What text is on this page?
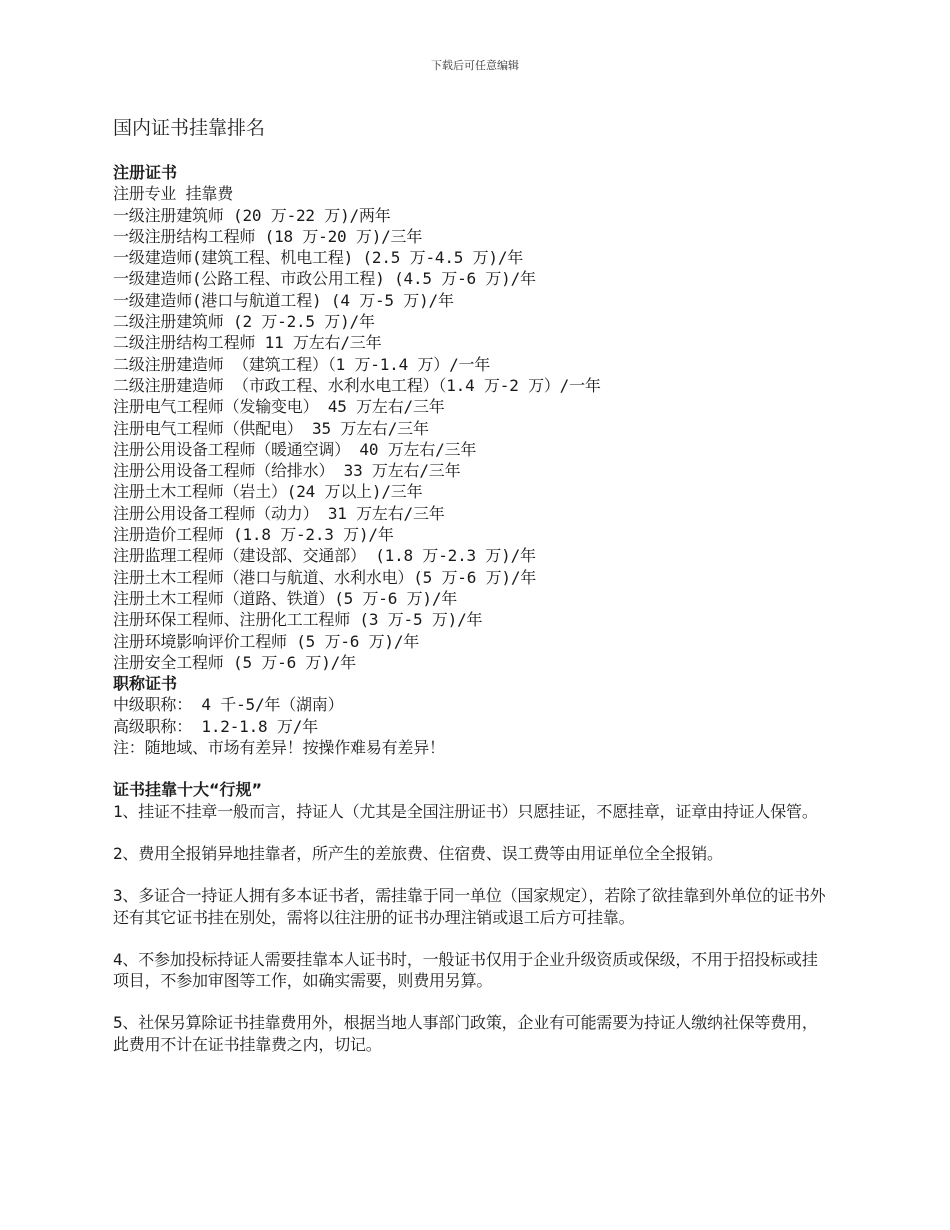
下载后可任意编辑
国内证书挂靠排名
注册证书
注册专业 挂靠费
一级注册建筑师 (20 万-22 万)/两年
一级注册结构工程师 (18 万-20 万)/三年
一级建造师(建筑工程、机电工程) (2.5 万-4.5 万)/年
一级建造师(公路工程、市政公用工程) (4.5 万-6 万)/年
一级建造师(港口与航道工程) (4 万-5 万)/年
二级注册建筑师 (2 万-2.5 万)/年
二级注册结构工程师 11 万左右/三年
二级注册建造师 （建筑工程）（1 万-1.4 万）/一年
二级注册建造师 （市政工程、水利水电工程）（1.4 万-2 万）/一年
注册电气工程师（发输变电） 45 万左右/三年
注册电气工程师（供配电） 35 万左右/三年
注册公用设备工程师（暖通空调） 40 万左右/三年
注册公用设备工程师（给排水） 33 万左右/三年
注册土木工程师（岩土）(24 万以上)/三年
注册公用设备工程师（动力） 31 万左右/三年
注册造价工程师 (1.8 万-2.3 万)/年
注册监理工程师（建设部、交通部） (1.8 万-2.3 万)/年
注册土木工程师（港口与航道、水利水电）(5 万-6 万)/年
注册土木工程师（道路、铁道）(5 万-6 万)/年
注册环保工程师、注册化工工程师 (3 万-5 万)/年
注册环境影响评价工程师 (5 万-6 万)/年
注册安全工程师 (5 万-6 万)/年
职称证书
中级职称： 4 千-5/年（湖南）
高级职称： 1.2-1.8 万/年
注：随地域、市场有差异！按操作难易有差异！
证书挂靠十大“行规”
1、挂证不挂章一般而言，持证人（尤其是全国注册证书）只愿挂证，不愿挂章，证章由持证人保管。
2、费用全报销异地挂靠者，所产生的差旅费、住宿费、误工费等由用证单位全全报销。
3、多证合一持证人拥有多本证书者，需挂靠于同一单位（国家规定），若除了欲挂靠到外单位的证书外还有其它证书挂在别处，需将以往注册的证书办理注销或退工后方可挂靠。
4、不参加投标持证人需要挂靠本人证书时，一般证书仅用于企业升级资质或保级，不用于招投标或挂项目，不参加审图等工作，如确实需要，则费用另算。
5、社保另算除证书挂靠费用外，根据当地人事部门政策，企业有可能需要为持证人缴纳社保等费用，此费用不计在证书挂靠费之内，切记。
